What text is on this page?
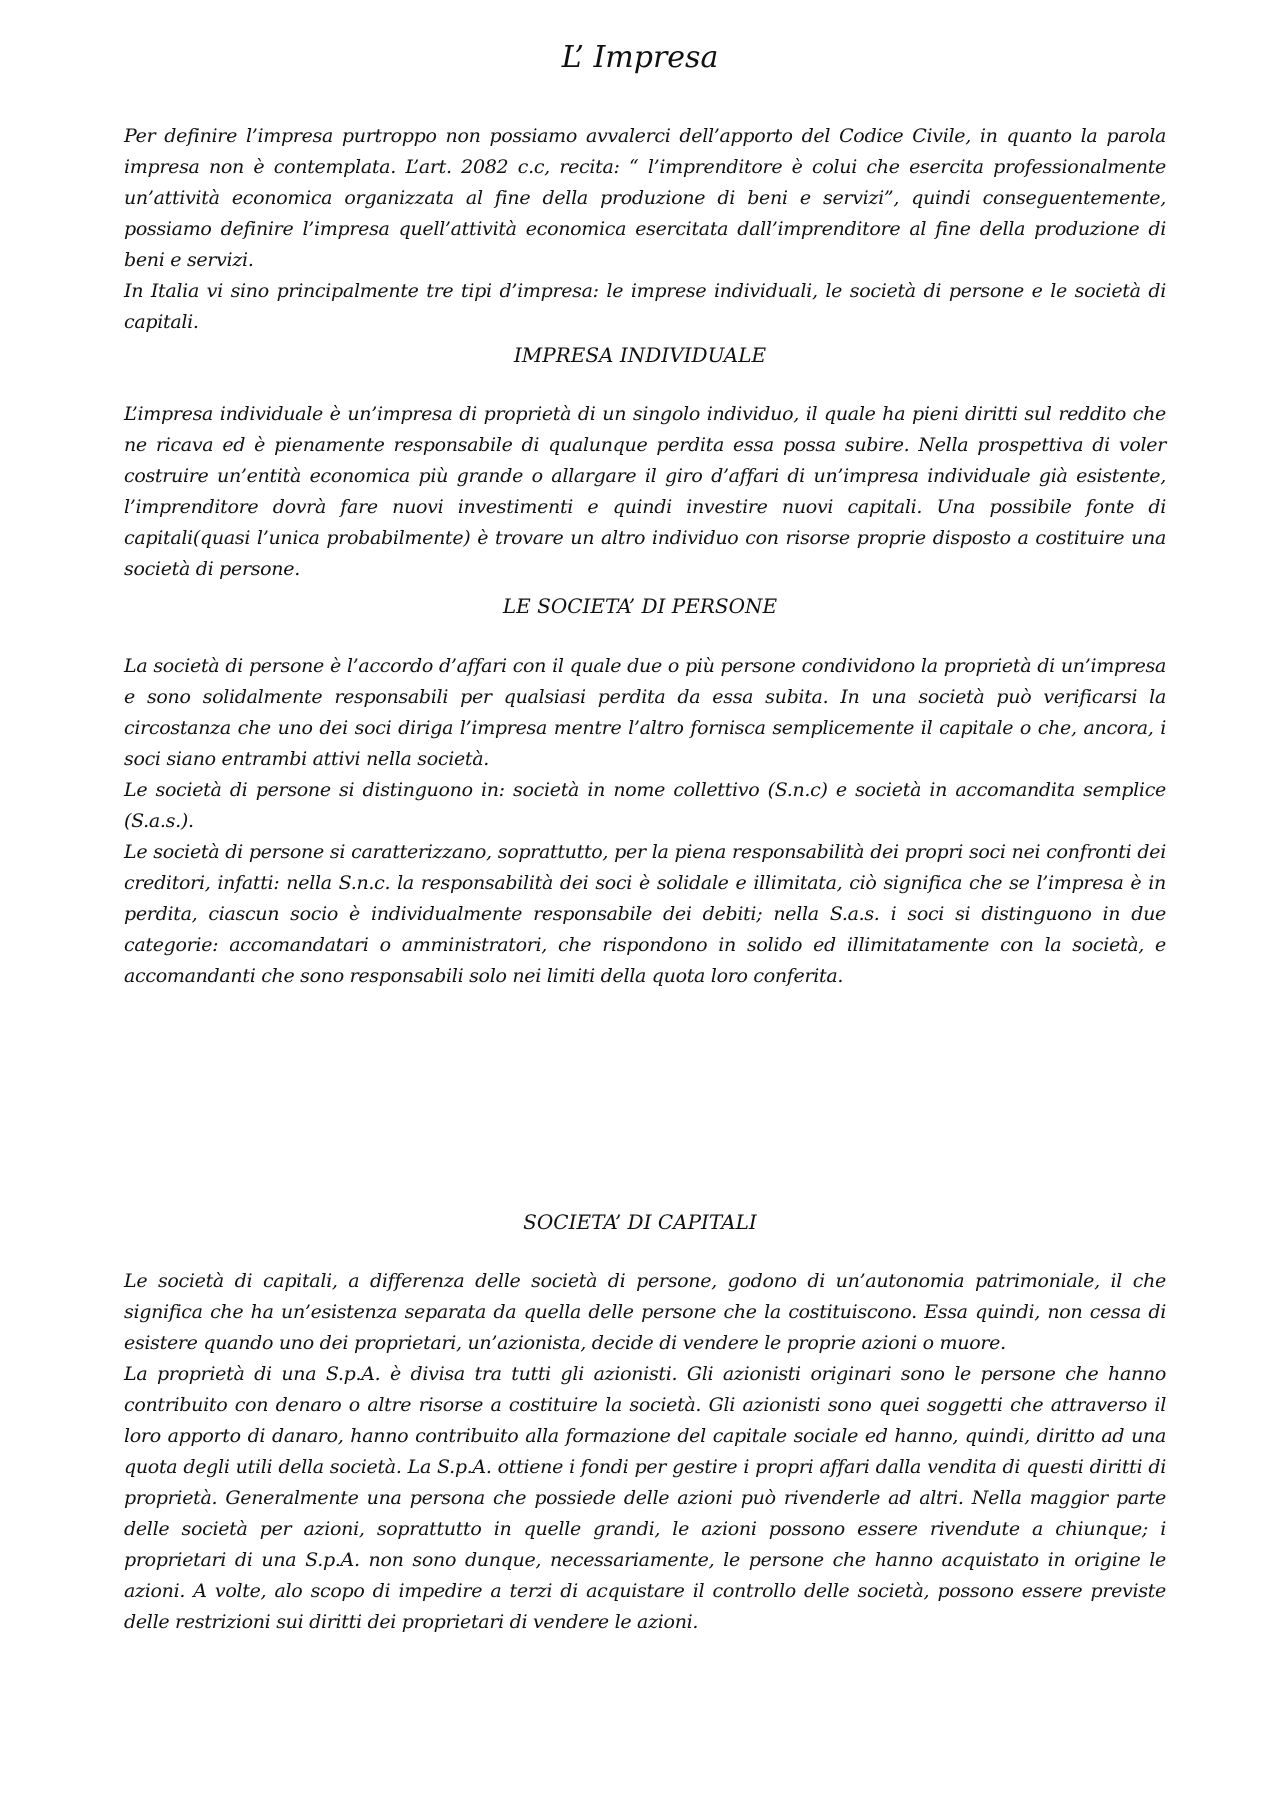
L’ Impresa

Per definire l’impresa purtroppo non possiamo avvalerci dell’apporto del Codice Civile, in quanto la parola impresa non è contemplata. L’art. 2082 c.c, recita: “ l’imprenditore è colui che esercita professionalmente un’attività economica organizzata al fine della produzione di beni e servizi”, quindi conseguentemente, possiamo definire l’impresa quell’attività economica esercitata dall’imprenditore al fine della produzione di beni e servizi.

In Italia vi sino principalmente tre tipi d’impresa: le imprese individuali, le società di persone e le società di capitali.

IMPRESA INDIVIDUALE

L’impresa individuale è un’impresa di proprietà di un singolo individuo, il quale ha pieni diritti sul reddito che ne ricava ed è pienamente responsabile di qualunque perdita essa possa subire. Nella prospettiva di voler costruire un’entità economica più grande o allargare il giro d’affari di un’impresa individuale già esistente, l’imprenditore dovrà fare nuovi investimenti e quindi investire nuovi capitali. Una possibile fonte di capitali(quasi l’unica probabilmente) è trovare un altro individuo con risorse proprie disposto a costituire una società di persone.

LE SOCIETA’ DI PERSONE

La società di persone è l’accordo d’affari con il quale due o più persone condividono la proprietà di un’impresa e sono solidalmente responsabili per qualsiasi perdita da essa subita. In una società può verificarsi la circostanza che uno dei soci diriga l’impresa mentre l’altro fornisca semplicemente il capitale o che, ancora, i soci siano entrambi attivi nella società.

Le società di persone si distinguono in: società in nome collettivo (S.n.c) e società in accomandita semplice (S.a.s.).

Le società di persone si caratterizzano, soprattutto, per la piena responsabilità dei propri soci nei confronti dei creditori, infatti: nella S.n.c. la responsabilità dei soci è solidale e illimitata, ciò significa che se l’impresa è in perdita, ciascun socio è individualmente responsabile dei debiti; nella S.a.s. i soci si distinguono in due categorie: accomandatari o amministratori, che rispondono in solido ed illimitatamente con la società, e accomandanti che sono responsabili solo nei limiti della quota loro conferita.

SOCIETA’ DI CAPITALI

Le società di capitali, a differenza delle società di persone, godono di un’autonomia patrimoniale, il che significa che ha un’esistenza separata da quella delle persone che la costituiscono. Essa quindi, non cessa di esistere quando uno dei proprietari, un’azionista, decide di vendere le proprie azioni o muore.

La proprietà di una S.p.A. è divisa tra tutti gli azionisti. Gli azionisti originari sono le persone che hanno contribuito con denaro o altre risorse a costituire la società. Gli azionisti sono quei soggetti che attraverso il loro apporto di danaro, hanno contribuito alla formazione del capitale sociale ed hanno, quindi, diritto ad una quota degli utili della società. La S.p.A. ottiene i fondi per gestire i propri affari dalla vendita di questi diritti di proprietà. Generalmente una persona che possiede delle azioni può rivenderle ad altri. Nella maggior parte delle società per azioni, soprattutto in quelle grandi, le azioni possono essere rivendute a chiunque; i proprietari di una S.p.A. non sono dunque, necessariamente, le persone che hanno acquistato in origine le azioni. A volte, alo scopo di impedire a terzi di acquistare il controllo delle società, possono essere previste delle restrizioni sui diritti dei proprietari di vendere le azioni.
